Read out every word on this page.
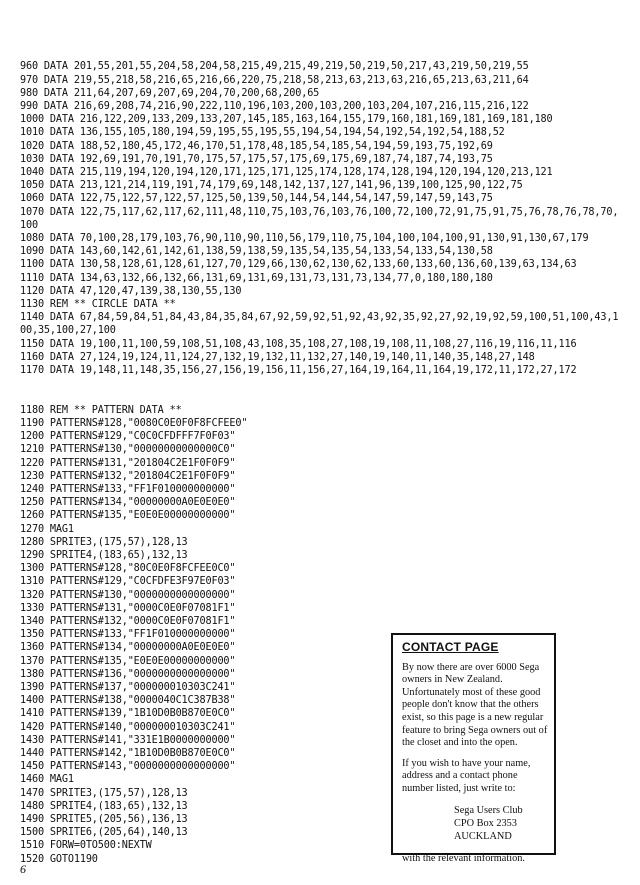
960 DATA 201,55,201,55,204,58,204,58,215,49,215,49,219,50,219,50,217,43,219,50,219,55
970 DATA 219,55,218,58,216,65,216,66,220,75,218,58,213,63,213,63,216,65,213,63,211,64
980 DATA 211,64,207,69,207,69,204,70,200,68,200,65
990 DATA 216,69,208,74,216,90,222,110,196,103,200,103,200,103,204,107,216,115,216,122
1000 DATA 216,122,209,133,209,133,207,145,185,163,164,155,179,160,181,169,181,169,181,180
1010 DATA 136,155,105,180,194,59,195,55,195,55,194,54,194,54,192,54,192,54,188,52
1020 DATA 188,52,180,45,172,46,170,51,178,48,185,54,185,54,194,59,193,75,192,69
1030 DATA 192,69,191,70,191,70,175,57,175,57,175,69,175,69,187,74,187,74,193,75
1040 DATA 215,119,194,120,194,120,171,125,171,125,174,128,174,128,194,120,194,120,213,121
1050 DATA 213,121,214,119,191,74,179,69,148,142,137,127,141,96,139,100,125,90,122,75
1060 DATA 122,75,122,57,122,57,125,50,139,50,144,54,144,54,147,59,147,59,143,75
1070 DATA 122,75,117,62,117,62,111,48,110,75,103,76,103,76,100,72,100,72,91,75,91,75,76,78,76,78,70,100
1080 DATA 70,100,28,179,103,76,90,110,90,110,56,179,110,75,104,100,104,100,91,130,91,130,67,179
1090 DATA 143,60,142,61,142,61,138,59,138,59,135,54,135,54,133,54,133,54,130,58
1100 DATA 130,58,128,61,128,61,127,70,129,66,130,62,130,62,133,60,133,60,136,60,139,63,134,63
1110 DATA 134,63,132,66,132,66,131,69,131,69,131,73,131,73,134,77,0,180,180,180
1120 DATA 47,120,47,139,38,130,55,130
1130 REM ** CIRCLE DATA **
1140 DATA 67,84,59,84,51,84,43,84,35,84,67,92,59,92,51,92,43,92,35,92,27,92,19,92,59,100,51,100,43,100,35,100,27,100
1150 DATA 19,100,11,100,59,108,51,108,43,108,35,108,27,108,19,108,11,108,27,116,19,116,11,116
1160 DATA 27,124,19,124,11,124,27,132,19,132,11,132,27,140,19,140,11,140,35,148,27,148
1170 DATA 19,148,11,148,35,156,27,156,19,156,11,156,27,164,19,164,11,164,19,172,11,172,27,172

1180 REM ** PATTERN DATA **
1190 PATTERNS#128,"0080C0E0F0F8FCFEE0"
1200 PATTERNS#129,"C0C0CFDFFF7F0F03"
1210 PATTERNS#130,"00000000000000C0"
1220 PATTERNS#131,"201804C2E1F0F0F9"
1230 PATTERNS#132,"201804C2E1F0F0F9"
1240 PATTERNS#133,"FF1F010000000000"
1250 PATTERNS#134,"00000000A0E0E0E0"
1260 PATTERNS#135,"E0E0E00000000000"
1270 MAG1
1280 SPRITE3,(175,57),128,13
1290 SPRITE4,(183,65),132,13
1300 PATTERNS#128,"80C0E0F8FCFEE0C0"
1310 PATTERNS#129,"C0CFDFE3F97E0F03"
1320 PATTERNS#130,"0000000000000000"
1330 PATTERNS#131,"0000C0E0F07081F1"
1340 PATTERNS#132,"0000C0E0F07081F1"
1350 PATTERNS#133,"FF1F010000000000"
1360 PATTERNS#134,"00000000A0E0E0E0"
1370 PATTERNS#135,"E0E0E00000000000"
1380 PATTERNS#136,"0000000000000000"
1390 PATTERNS#137,"000000010303C241"
1400 PATTERNS#138,"0000040C1C387B38"
1410 PATTERNS#139,"1B10D0B0B870E0C0"
1420 PATTERNS#140,"000000010303C241"
1430 PATTERNS#141,"331E1B0000000000"
1440 PATTERNS#142,"1B10D0B0B870E0C0"
1450 PATTERNS#143,"0000000000000000"
1460 MAG1
1470 SPRITE3,(175,57),128,13
1480 SPRITE4,(183,65),132,13
1490 SPRITE5,(205,56),136,13
1500 SPRITE6,(205,64),140,13
1510 FORW=0TO500:NEXTW
1520 GOTO1190

CONTACT PAGE

By now there are over 6000 Sega owners in New Zealand. Unfortunately most of these good people don't know that the others exist, so this page is a new regular feature to bring Sega owners out of the closet and into the open.

If you wish to have your name, address and a contact phone number listed, just write to:

Sega Users Club
CPO Box 2353
AUCKLAND

with the relevant information.

6
